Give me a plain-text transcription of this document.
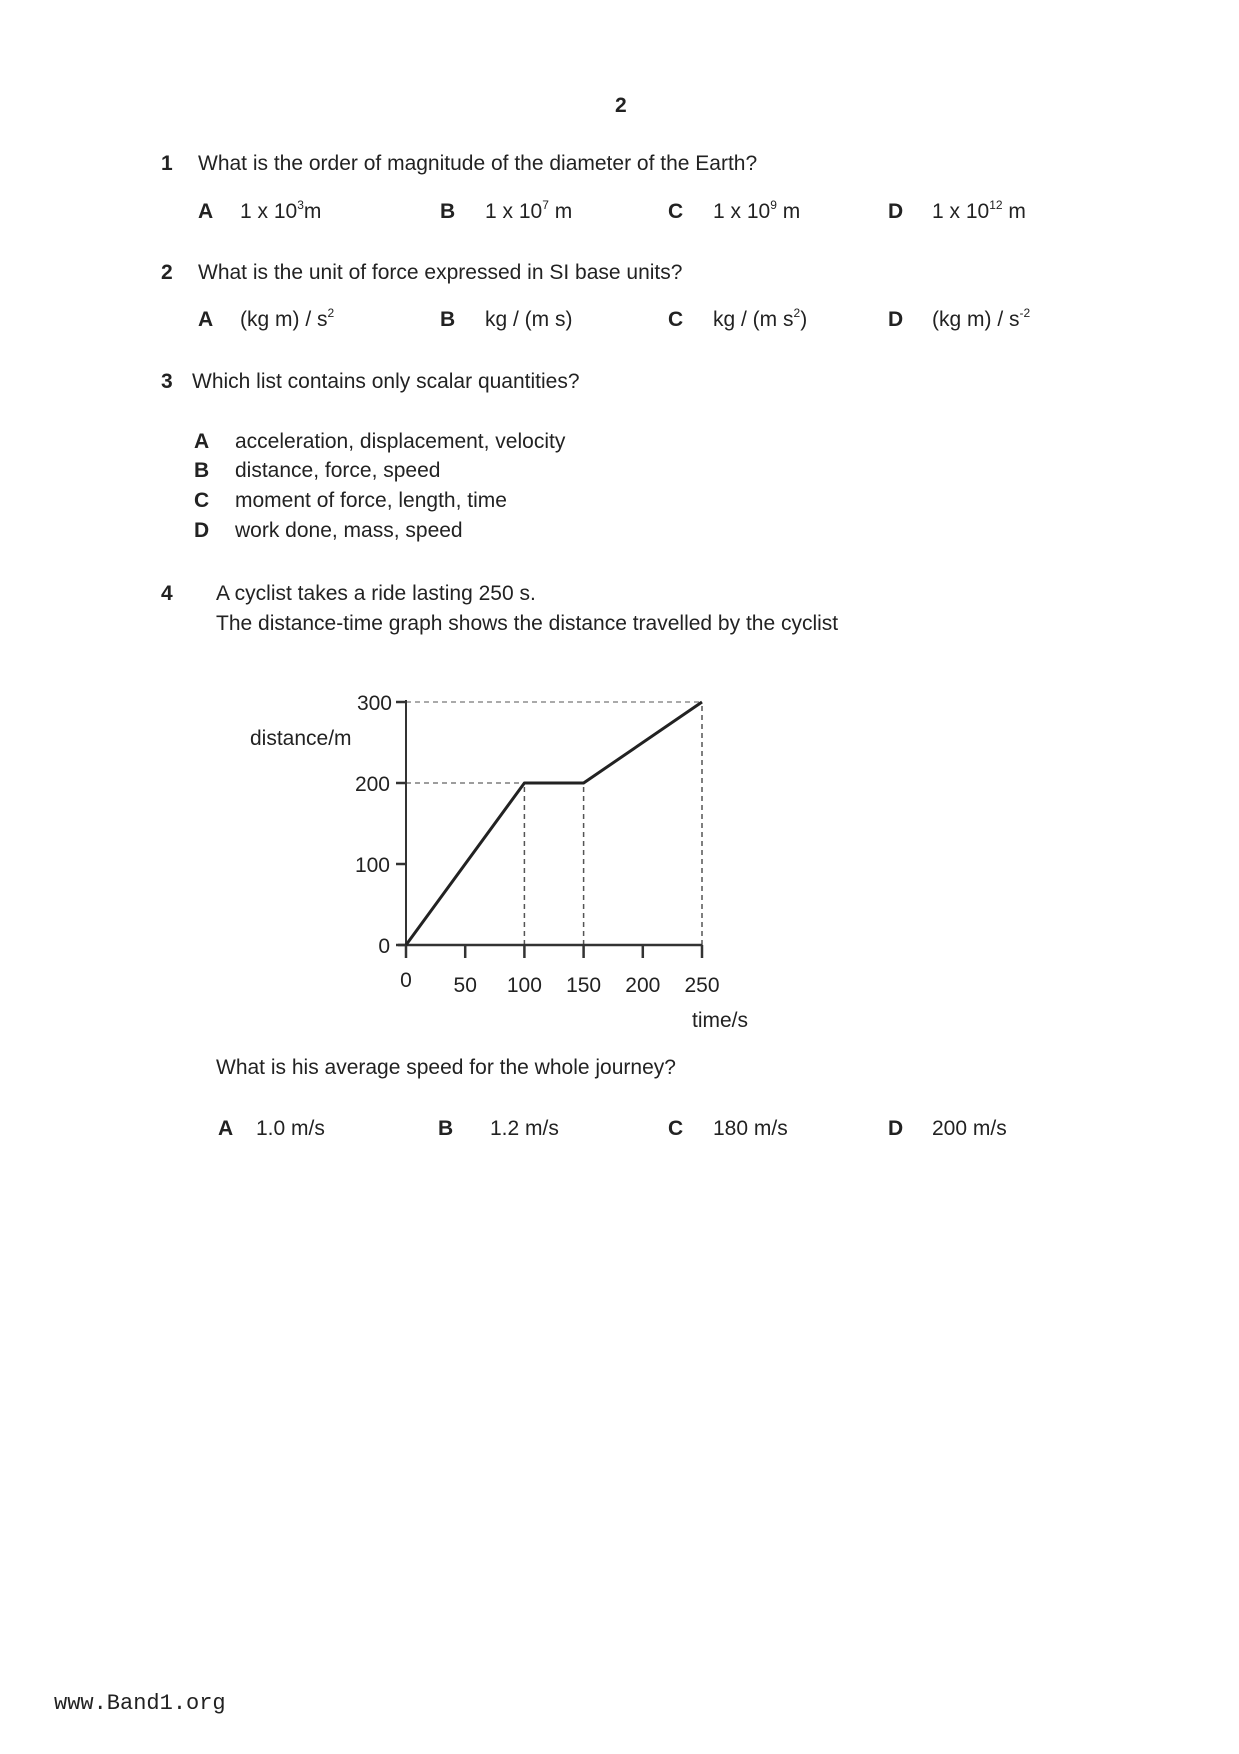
2
1 What is the order of magnitude of the diameter of the Earth?
A 1 x $10^3m$	B 1 x $10^7$ m	C 1 x $10^9$ m	D 1 x $10^{12}$ m
2 What is the unit of force expressed in SI base units?
A (kg $m) / s^2$	B kg / (m s)	C kg / (m $s^2$)	D (kg $m) / s^{-2}$
3 Which list contains only scalar quantities?
A acceleration, displacement, velocity
B distance, force, speed
C moment of force, length, time
D work done, mass, speed
4 A cyclist takes a ride lasting 250 s.
The distance-time graph shows the distance travelled by the cyclist
0 50 100 150 200 250
0
100
200
300
distance/m
time/s
What is his average speed for the whole journey?
A 1.0 m/s	B 1.2 m/s	C 180 m/s	D 200 m/s
www.Band1.org
